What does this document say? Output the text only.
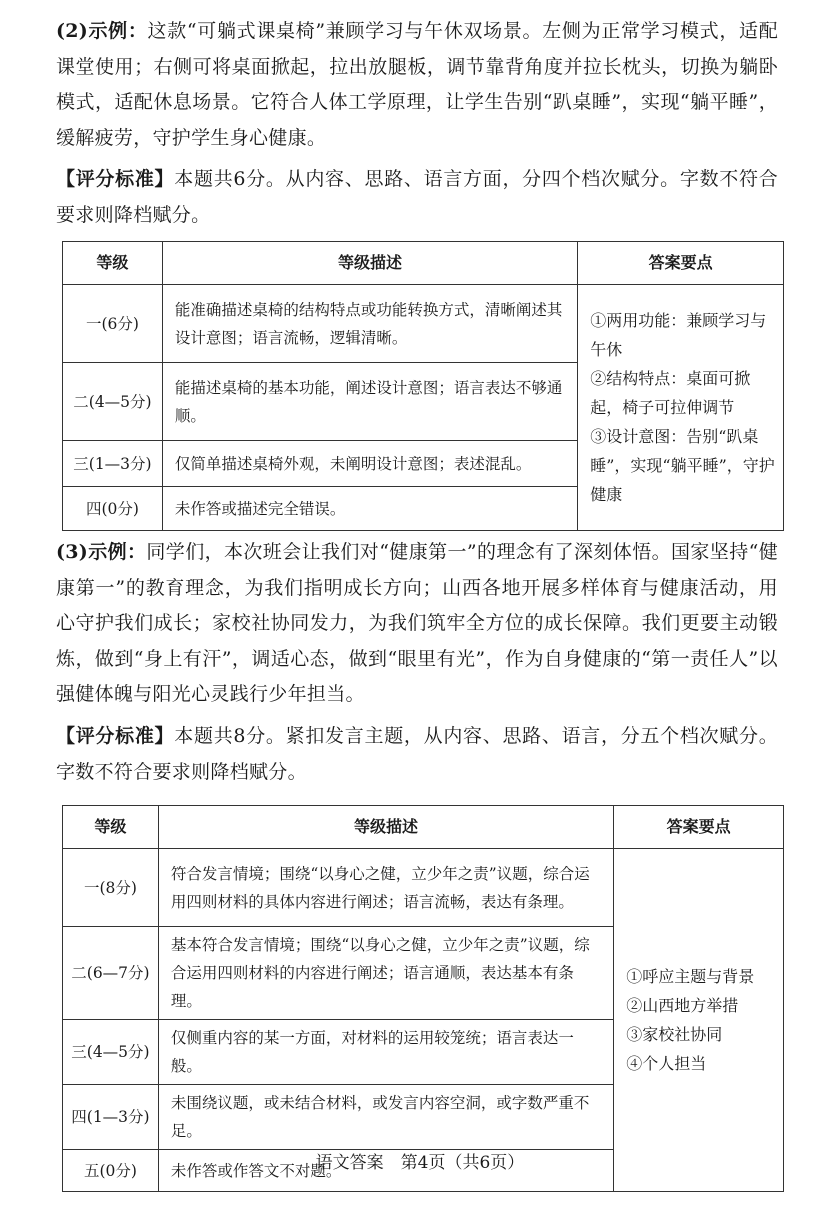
(2)示例：这款“可躺式课桌椅”兼顾学习与午休双场景。左侧为正常学习模式，适配课堂使用；右侧可将桌面掀起，拉出放腿板，调节靠背角度并拉长枕头，切换为躺卧模式，适配休息场景。它符合人体工学原理，让学生告别“趴桌睡”，实现“躺平睡”，缓解疲劳，守护学生身心健康。
【评分标准】本题共6分。从内容、思路、语言方面，分四个档次赋分。字数不符合要求则降档赋分。
等级	等级描述	答案要点
一(6分)	能准确描述桌椅的结构特点或功能转换方式，清晰阐述其设计意图；语言流畅，逻辑清晰。	①两用功能：兼顾学习与午休
②结构特点：桌面可掀起，椅子可拉伸调节
③设计意图：告别“趴桌睡”，实现“躺平睡”，守护健康

二(4—5分)	能描述桌椅的基本功能，阐述设计意图；语言表达不够通顺。	
三(1—3分)	仅简单描述桌椅外观，未阐明设计意图；表述混乱。	
四(0分)	未作答或描述完全错误。	
(3)示例：同学们，本次班会让我们对“健康第一”的理念有了深刻体悟。国家坚持“健康第一”的教育理念，为我们指明成长方向；山西各地开展多样体育与健康活动，用心守护我们成长；家校社协同发力，为我们筑牢全方位的成长保障。我们更要主动锻炼，做到“身上有汗”，调适心态，做到“眼里有光”，作为自身健康的“第一责任人”以强健体魄与阳光心灵践行少年担当。
【评分标准】本题共8分。紧扣发言主题，从内容、思路、语言，分五个档次赋分。字数不符合要求则降档赋分。
等级	等级描述	答案要点
一(8分)	符合发言情境；围绕“以身心之健，立少年之责”议题，综合运用四则材料的具体内容进行阐述；语言流畅，表达有条理。	①呼应主题与背景
②山西地方举措
③家校社协同
④个人担当

二(6—7分)	基本符合发言情境；围绕“以身心之健，立少年之责”议题，综合运用四则材料的内容进行阐述；语言通顺，表达基本有条理。	
三(4—5分)	仅侧重内容的某一方面，对材料的运用较笼统；语言表达一般。	
四(1—3分)	未围绕议题，或未结合材料，或发言内容空洞，或字数严重不足。	
五(0分)	未作答或作答文不对题。	
语文答案　第4页（共6页）
